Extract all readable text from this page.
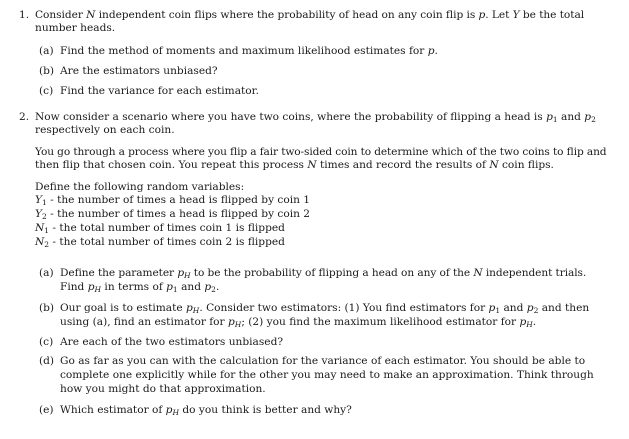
1. Consider N independent coin flips where the probability of head on any coin flip is p. Let Y be the total
number heads.
(a) Find the method of moments and maximum likelihood estimates for p.
(b) Are the estimators unbiased?
(c) Find the variance for each estimator.
2. Now consider a scenario where you have two coins, where the probability of flipping a head is $p_1$ and $p_2$
respectively on each coin.
You go through a process where you flip a fair two-sided coin to determine which of the two coins to flip and
then flip that chosen coin. You repeat this process N times and record the results of N coin flips.
Define the following random variables:
$Y_1$ - the number of times a head is flipped by coin 1
$Y_2$ - the number of times a head is flipped by coin 2
$N_1$ - the total number of times coin 1 is flipped
$N_2$ - the total number of times coin 2 is flipped
(a) Define the parameter $p_H$ to be the probability of flipping a head on any of the N independent trials.
Find $p_H$ in terms of $p_1$ and $p_2$.
(b) Our goal is to estimate $p_H$. Consider two estimators: (1) You find estimators for $p_1$ and $p_2$ and then
using (a), find an estimator for $p_H$; (2) you find the maximum likelihood estimator for $p_H$.
(c) Are each of the two estimators unbiased?
(d) Go as far as you can with the calculation for the variance of each estimator. You should be able to
complete one explicitly while for the other you may need to make an approximation. Think through
how you might do that approximation.
(e) Which estimator of $p_H$ do you think is better and why?
